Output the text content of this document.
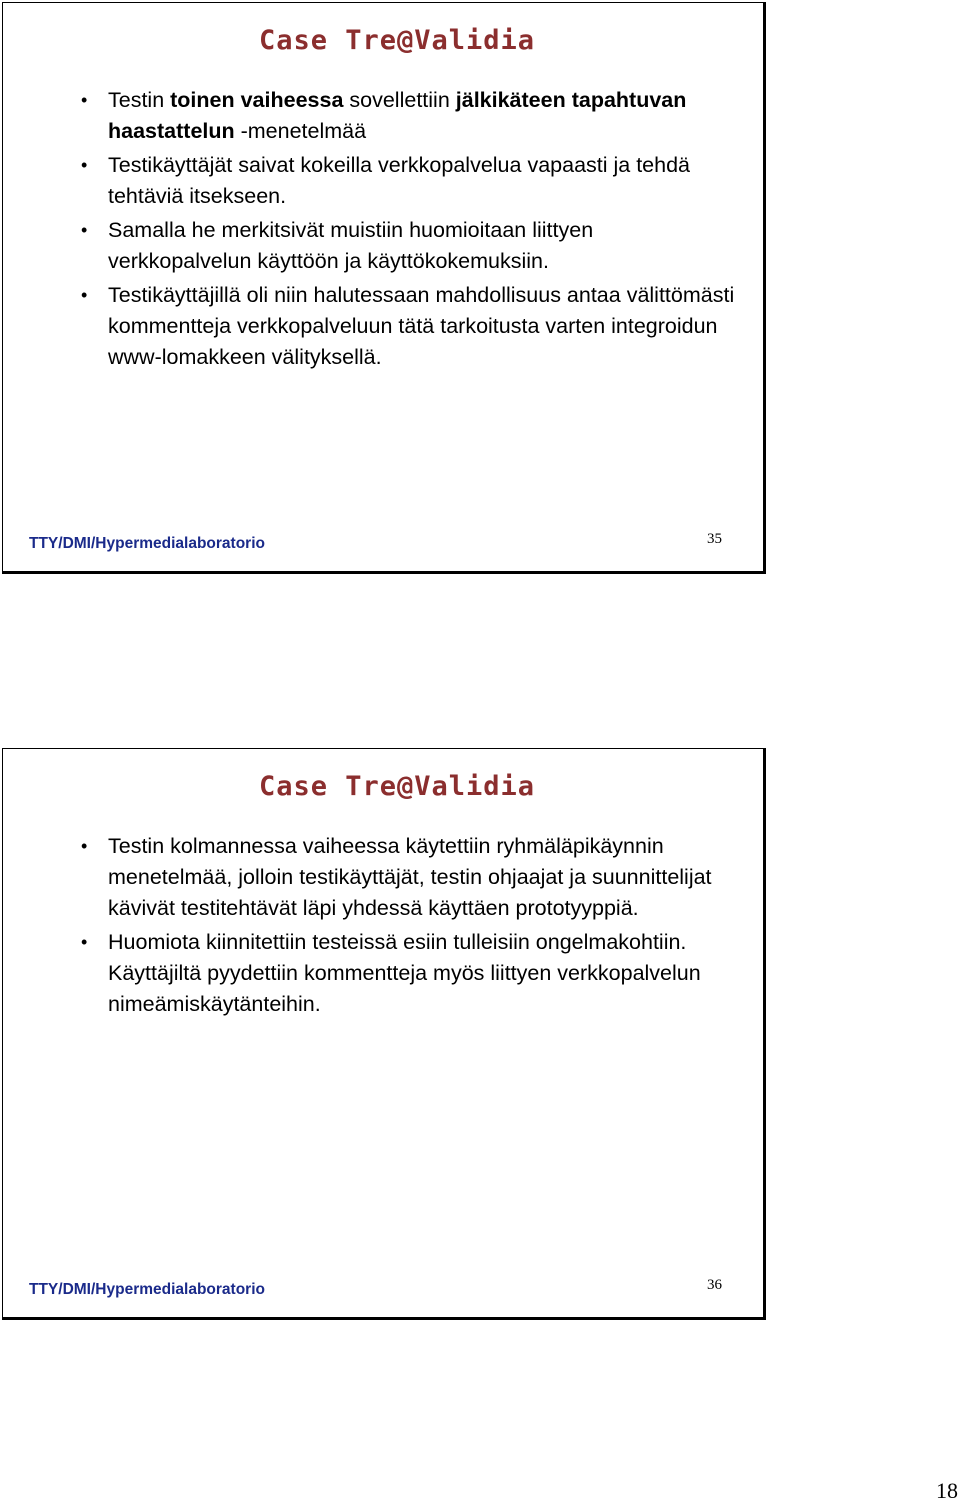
Case Tre@Validia
• Testin toinen vaiheessa sovellettiin jälkikäteen tapahtuvan haastattelun -menetelmää
• Testikäyttäjät saivat kokeilla verkkopalvelua vapaasti ja tehdä tehtäviä itsekseen.
• Samalla he merkitsivät muistiin huomioitaan liittyen verkkopalvelun käyttöön ja käyttökokemuksiin.
• Testikäyttäjillä oli niin halutessaan mahdollisuus antaa välittömästi kommentteja verkkopalveluun tätä tarkoitusta varten integroidun www-lomakkeen välityksellä.
TTY/DMI/Hypermedialaboratorio	35
Case Tre@Validia
• Testin kolmannessa vaiheessa käytettiin ryhmäläpikäynnin menetelmää, jolloin testikäyttäjät, testin ohjaajat ja suunnittelijat kävivät testitehtävät läpi yhdessä käyttäen prototyyppiä.
• Huomiota kiinnitettiin testeissä esiin tulleisiin ongelmakohtiin. Käyttäjiltä pyydettiin kommentteja myös liittyen verkkopalvelun nimeämiskäytänteihin.
TTY/DMI/Hypermedialaboratorio	36
18
